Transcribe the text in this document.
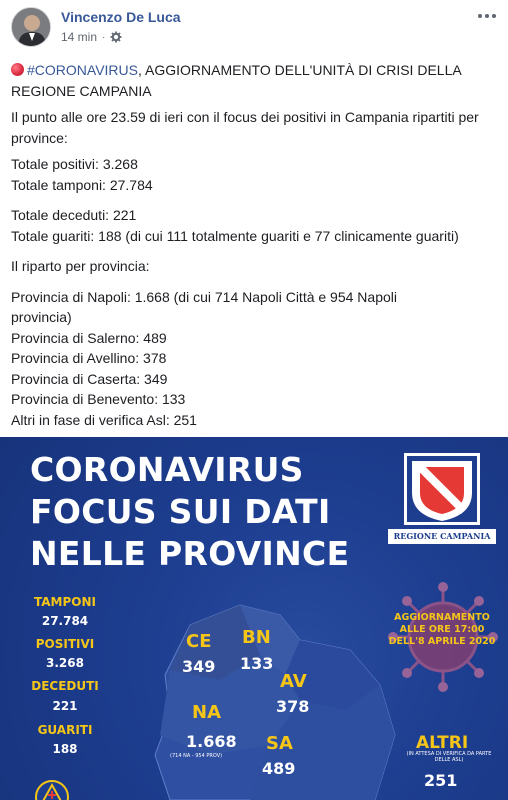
Vincenzo De Luca
14 min ·

#CORONAVIRUS, AGGIORNAMENTO DELL'UNITÀ DI CRISI DELLA REGIONE CAMPANIA

Il punto alle ore 23.59 di ieri con il focus dei positivi in Campania ripartiti per province:

Totale positivi: 3.268
Totale tamponi: 27.784
Totale deceduti: 221
Totale guariti: 188 (di cui 111 totalmente guariti e 77 clinicamente guariti)

Il riparto per provincia:

Provincia di Napoli: 1.668 (di cui 714 Napoli Città e 954 Napoli provincia)
Provincia di Salerno: 489
Provincia di Avellino: 378
Provincia di Caserta: 349
Provincia di Benevento: 133
Altri in fase di verifica Asl: 251
CORONAVIRUS
FOCUS SUI DATI
NELLE PROVINCE	REGIONE CAMPANIA
TAMPONI
27.784
POSITIVI
3.268
DECEDUTI
221
GUARITI
188
CE
349
BN
133
AV
378
NA
1.668
(714 NA - 954 PROV)
SA
489
AGGIORNAMENTO
ALLE ORE 17:00
DELL'8 APRILE 2020
ALTRI
(IN ATTESA DI VERIFICA DA PARTE DELLE ASL)
251
